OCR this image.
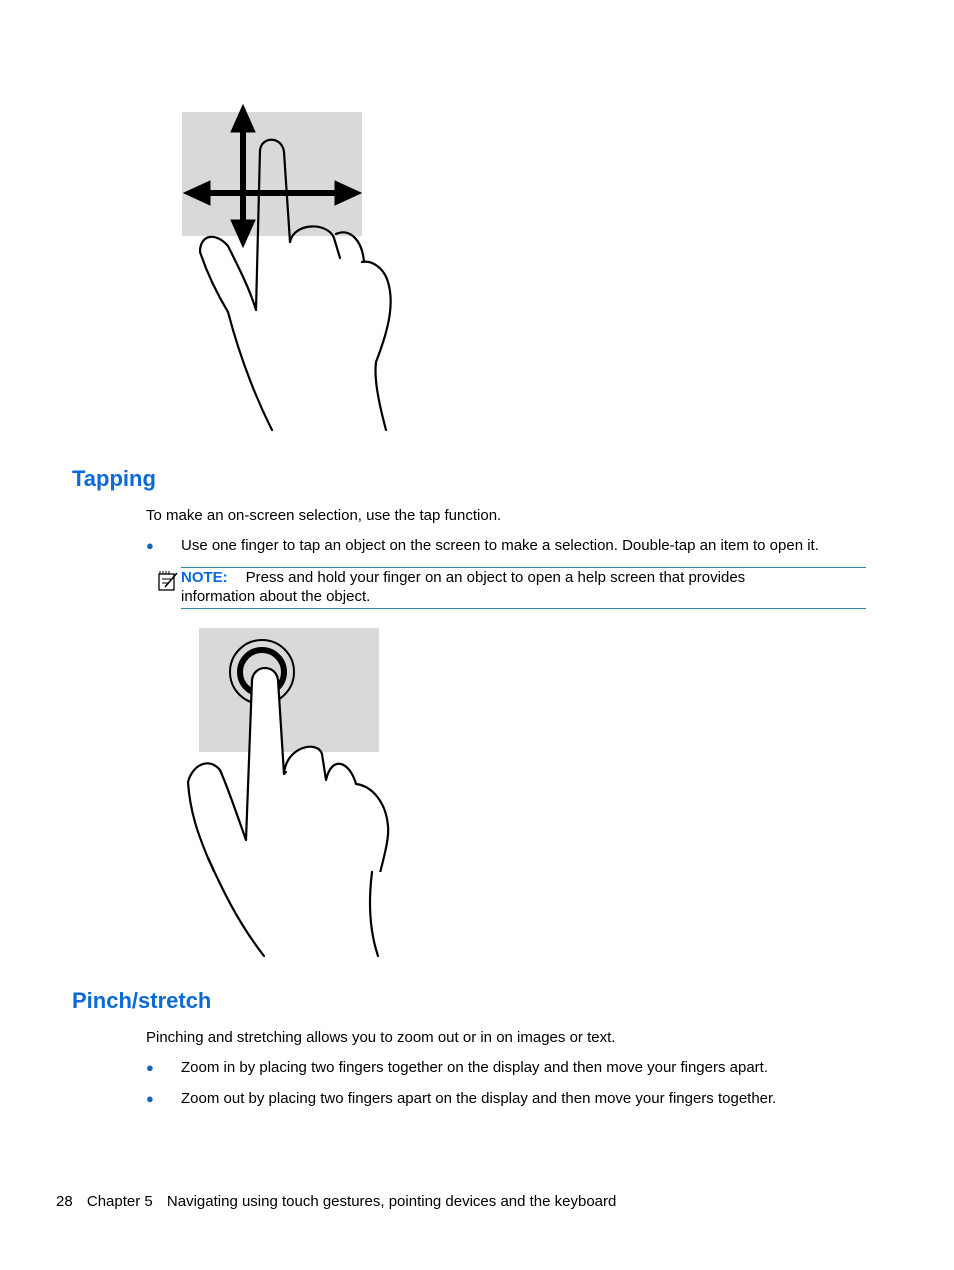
Tapping

To make an on-screen selection, use the tap function.

● Use one finger to tap an object on the screen to make a selection. Double-tap an item to open it.
NOTE: Press and hold your finger on an object to open a help screen that provides
information about the object.
Pinch/stretch

Pinching and stretching allows you to zoom out or in on images or text.

● Zoom in by placing two fingers together on the display and then move your fingers apart.
● Zoom out by placing two fingers apart on the display and then move your fingers together.
28 Chapter 5 Navigating using touch gestures, pointing devices and the keyboard
